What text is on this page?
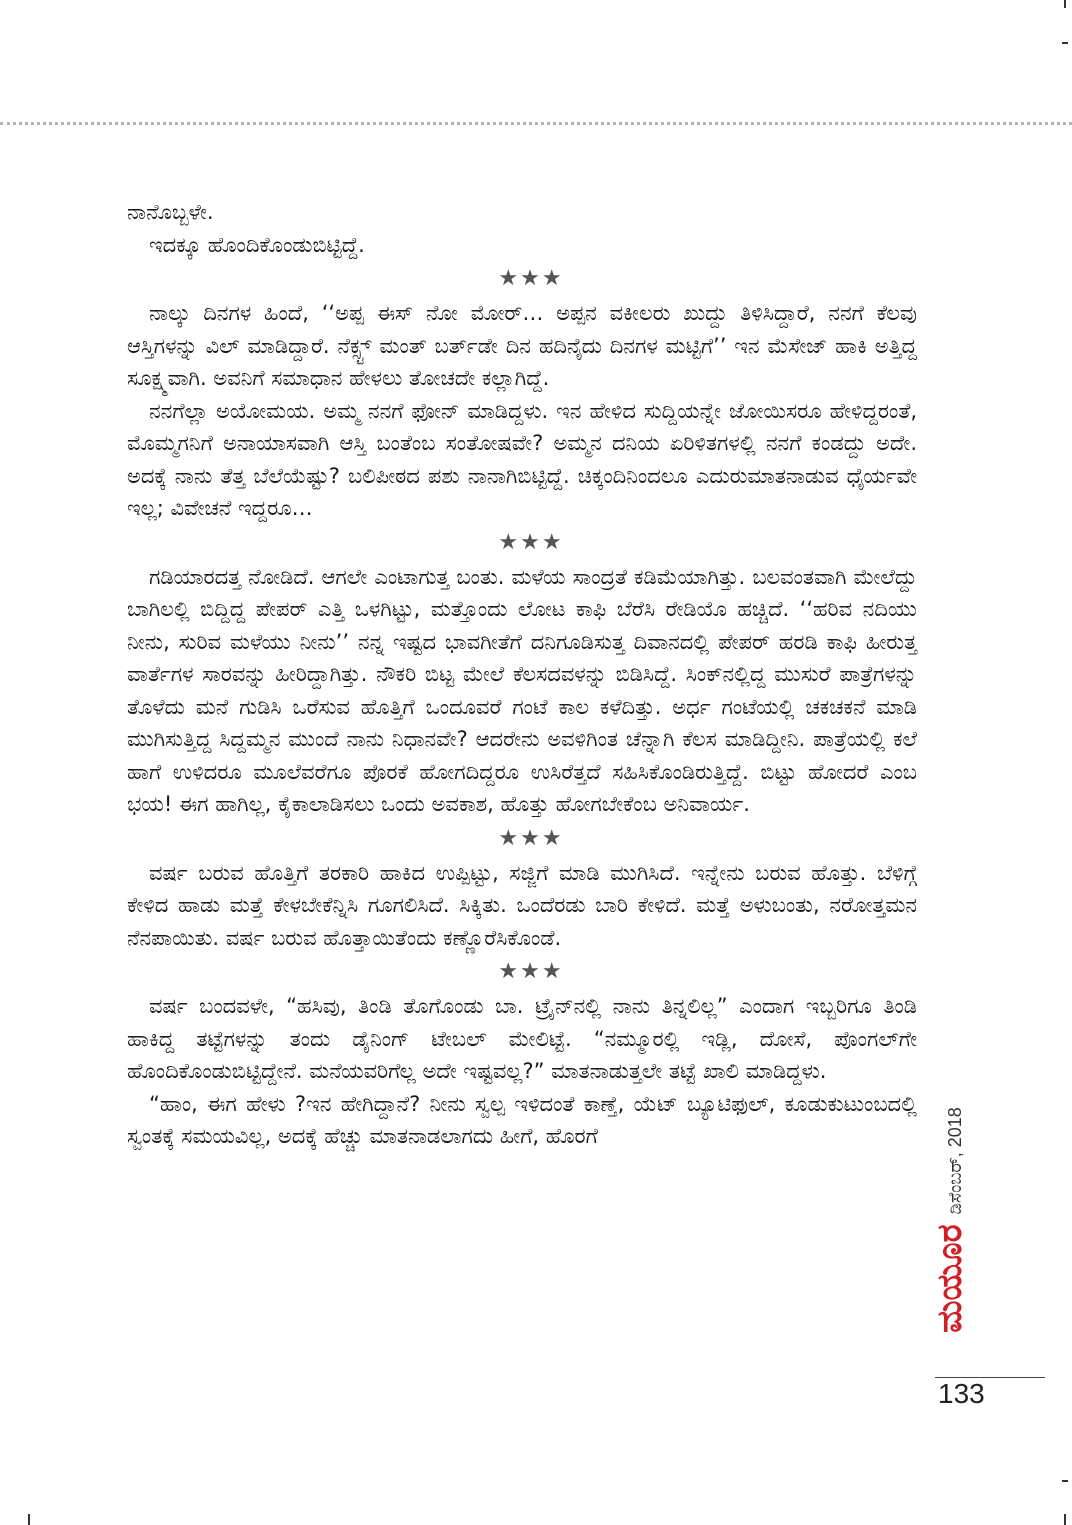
ನಾನೊಬ್ಬಳೇ.

ಇದಕ್ಕೂ ಹೊಂದಿಕೊಂಡುಬಿಟ್ಟಿದ್ದೆ.

★★★

ನಾಲ್ಕು ದಿನಗಳ ಹಿಂದೆ, ‘‘ಅಪ್ಪ ಈಸ್ ನೋ ಮೋರ್… ಅಪ್ಪನ ವಕೀಲರು ಖುದ್ದು ತಿಳಿಸಿದ್ದಾರೆ, ನನಗೆ ಕೆಲವು ಆಸ್ತಿಗಳನ್ನು ವಿಲ್ ಮಾಡಿದ್ದಾರೆ. ನೆಕ್ಸ್ಟ್ ಮಂತ್ ಬರ್ತ್‌ಡೇ ದಿನ ಹದಿನೈದು ದಿನಗಳ ಮಟ್ಟಿಗೆ’’ ಇನ ಮೆಸೇಜ್ ಹಾಕಿ ಅತ್ತಿದ್ದ ಸೂಕ್ಷ್ಮವಾಗಿ. ಅವನಿಗೆ ಸಮಾಧಾನ ಹೇಳಲು ತೋಚದೇ ಕಲ್ಲಾಗಿದ್ದೆ.

ನನಗೆಲ್ಲಾ ಅಯೋಮಯ. ಅಮ್ಮ ನನಗೆ ಫೋನ್ ಮಾಡಿದ್ದಳು. ಇನ ಹೇಳಿದ ಸುದ್ದಿಯನ್ನೇ ಜೋಯಿಸರೂ ಹೇಳಿದ್ದರಂತೆ, ಮೊಮ್ಮಗನಿಗೆ ಅನಾಯಾಸವಾಗಿ ಆಸ್ತಿ ಬಂತೆಂಬ ಸಂತೋಷವೇ? ಅಮ್ಮನ ದನಿಯ ಏರಿಳಿತಗಳಲ್ಲಿ ನನಗೆ ಕಂಡದ್ದು ಅದೇ. ಅದಕ್ಕೆ ನಾನು ತೆತ್ತ ಬೆಲೆಯೆಷ್ಟು? ಬಲಿಪೀಠದ ಪಶು ನಾನಾಗಿಬಿಟ್ಟಿದ್ದೆ. ಚಿಕ್ಕಂದಿನಿಂದಲೂ ಎದುರುಮಾತನಾಡುವ ಧೈರ್ಯವೇ ಇಲ್ಲ; ವಿವೇಚನೆ ಇದ್ದರೂ…

★★★

ಗಡಿಯಾರದತ್ತ ನೋಡಿದೆ. ಆಗಲೇ ಎಂಟಾಗುತ್ತ ಬಂತು. ಮಳೆಯ ಸಾಂದ್ರತೆ ಕಡಿಮೆಯಾಗಿತ್ತು. ಬಲವಂತವಾಗಿ ಮೇಲೆದ್ದು ಬಾಗಿಲಲ್ಲಿ ಬಿದ್ದಿದ್ದ ಪೇಪರ್ ಎತ್ತಿ ಒಳಗಿಟ್ಟು, ಮತ್ತೊಂದು ಲೋಟ ಕಾಫಿ ಬೆರೆಸಿ ರೇಡಿಯೊ ಹಚ್ಚಿದೆ. ‘‘ಹರಿವ ನದಿಯು ನೀನು, ಸುರಿವ ಮಳೆಯು ನೀನು’’ ನನ್ನ ಇಷ್ಟದ ಭಾವಗೀತೆಗೆ ದನಿಗೂಡಿಸುತ್ತ ದಿವಾನದಲ್ಲಿ ಪೇಪರ್ ಹರಡಿ ಕಾಫಿ ಹೀರುತ್ತ ವಾರ್ತೆಗಳ ಸಾರವನ್ನು ಹೀರಿದ್ದಾಗಿತ್ತು. ನೌಕರಿ ಬಿಟ್ಟ ಮೇಲೆ ಕೆಲಸದವಳನ್ನು ಬಿಡಿಸಿದ್ದೆ. ಸಿಂಕ್‌ನಲ್ಲಿದ್ದ ಮುಸುರೆ ಪಾತ್ರೆಗಳನ್ನು ತೊಳೆದು ಮನೆ ಗುಡಿಸಿ ಒರೆಸುವ ಹೊತ್ತಿಗೆ ಒಂದೂವರೆ ಗಂಟೆ ಕಾಲ ಕಳೆದಿತ್ತು. ಅರ್ಧ ಗಂಟೆಯಲ್ಲಿ ಚಕಚಕನೆ ಮಾಡಿ ಮುಗಿಸುತ್ತಿದ್ದ ಸಿದ್ದಮ್ಮನ ಮುಂದೆ ನಾನು ನಿಧಾನವೇ? ಆದರೇನು ಅವಳಿಗಿಂತ ಚೆನ್ನಾಗಿ ಕೆಲಸ ಮಾಡಿದ್ದೀನಿ. ಪಾತ್ರೆಯಲ್ಲಿ ಕಲೆ ಹಾಗೆ ಉಳಿದರೂ ಮೂಲೆವರೆಗೂ ಪೊರಕೆ ಹೋಗದಿದ್ದರೂ ಉಸಿರೆತ್ತದೆ ಸಹಿಸಿಕೊಂಡಿರುತ್ತಿದ್ದೆ. ಬಿಟ್ಟು ಹೋದರೆ ಎಂಬ ಭಯ! ಈಗ ಹಾಗಿಲ್ಲ, ಕೈಕಾಲಾಡಿಸಲು ಒಂದು ಅವಕಾಶ, ಹೊತ್ತು ಹೋಗಬೇಕೆಂಬ ಅನಿವಾರ್ಯ.

★★★

ವರ್ಷ ಬರುವ ಹೊತ್ತಿಗೆ ತರಕಾರಿ ಹಾಕಿದ ಉಪ್ಪಿಟ್ಟು, ಸಜ್ಜಿಗೆ ಮಾಡಿ ಮುಗಿಸಿದೆ. ಇನ್ನೇನು ಬರುವ ಹೊತ್ತು. ಬೆಳಿಗ್ಗೆ ಕೇಳಿದ ಹಾಡು ಮತ್ತೆ ಕೇಳಬೇಕೆನ್ನಿಸಿ ಗೂಗಲಿಸಿದೆ. ಸಿಕ್ಕಿತು. ಒಂದೆರಡು ಬಾರಿ ಕೇಳಿದೆ. ಮತ್ತೆ ಅಳುಬಂತು, ನರೋತ್ತಮನ ನೆನಪಾಯಿತು. ವರ್ಷ ಬರುವ ಹೊತ್ತಾಯಿತೆಂದು ಕಣ್ಣೊರೆಸಿಕೊಂಡೆ.

★★★

ವರ್ಷ ಬಂದವಳೇ, “ಹಸಿವು, ತಿಂಡಿ ತೊಗೊಂಡು ಬಾ. ಟ್ರೈನ್‌ನಲ್ಲಿ ನಾನು ತಿನ್ನಲಿಲ್ಲ” ಎಂದಾಗ ಇಬ್ಬರಿಗೂ ತಿಂಡಿ ಹಾಕಿದ್ದ ತಟ್ಟೆಗಳನ್ನು ತಂದು ಡೈನಿಂಗ್ ಟೇಬಲ್ ಮೇಲಿಟ್ಟೆ. “ನಮ್ಮೂರಲ್ಲಿ ಇಡ್ಲಿ, ದೋಸೆ, ಪೊಂಗಲ್‌ಗೇ ಹೊಂದಿಕೊಂಡುಬಿಟ್ಟಿದ್ದೇನೆ. ಮನೆಯವರಿಗೆಲ್ಲ ಅದೇ ಇಷ್ಟವಲ್ಲ?” ಮಾತನಾಡುತ್ತಲೇ ತಟ್ಟೆ ಖಾಲಿ ಮಾಡಿದ್ದಳು.

“ಹಾಂ, ಈಗ ಹೇಳು ?ಇನ ಹೇಗಿದ್ದಾನೆ? ನೀನು ಸ್ವಲ್ಪ ಇಳಿದಂತೆ ಕಾಣ್ತೆ, ಯೆಟ್ ಬ್ಯೂಟಿಫುಲ್, ಕೂಡುಕುಟುಂಬದಲ್ಲಿ ಸ್ವಂತಕ್ಕೆ ಸಮಯವಿಲ್ಲ, ಅದಕ್ಕೆ ಹೆಚ್ಚು ಮಾತನಾಡಲಾಗದು ಹೀಗೆ, ಹೊರಗೆ

ಮಯೂರ
ಡಿಸೆಂಬರ್, 2018
133
